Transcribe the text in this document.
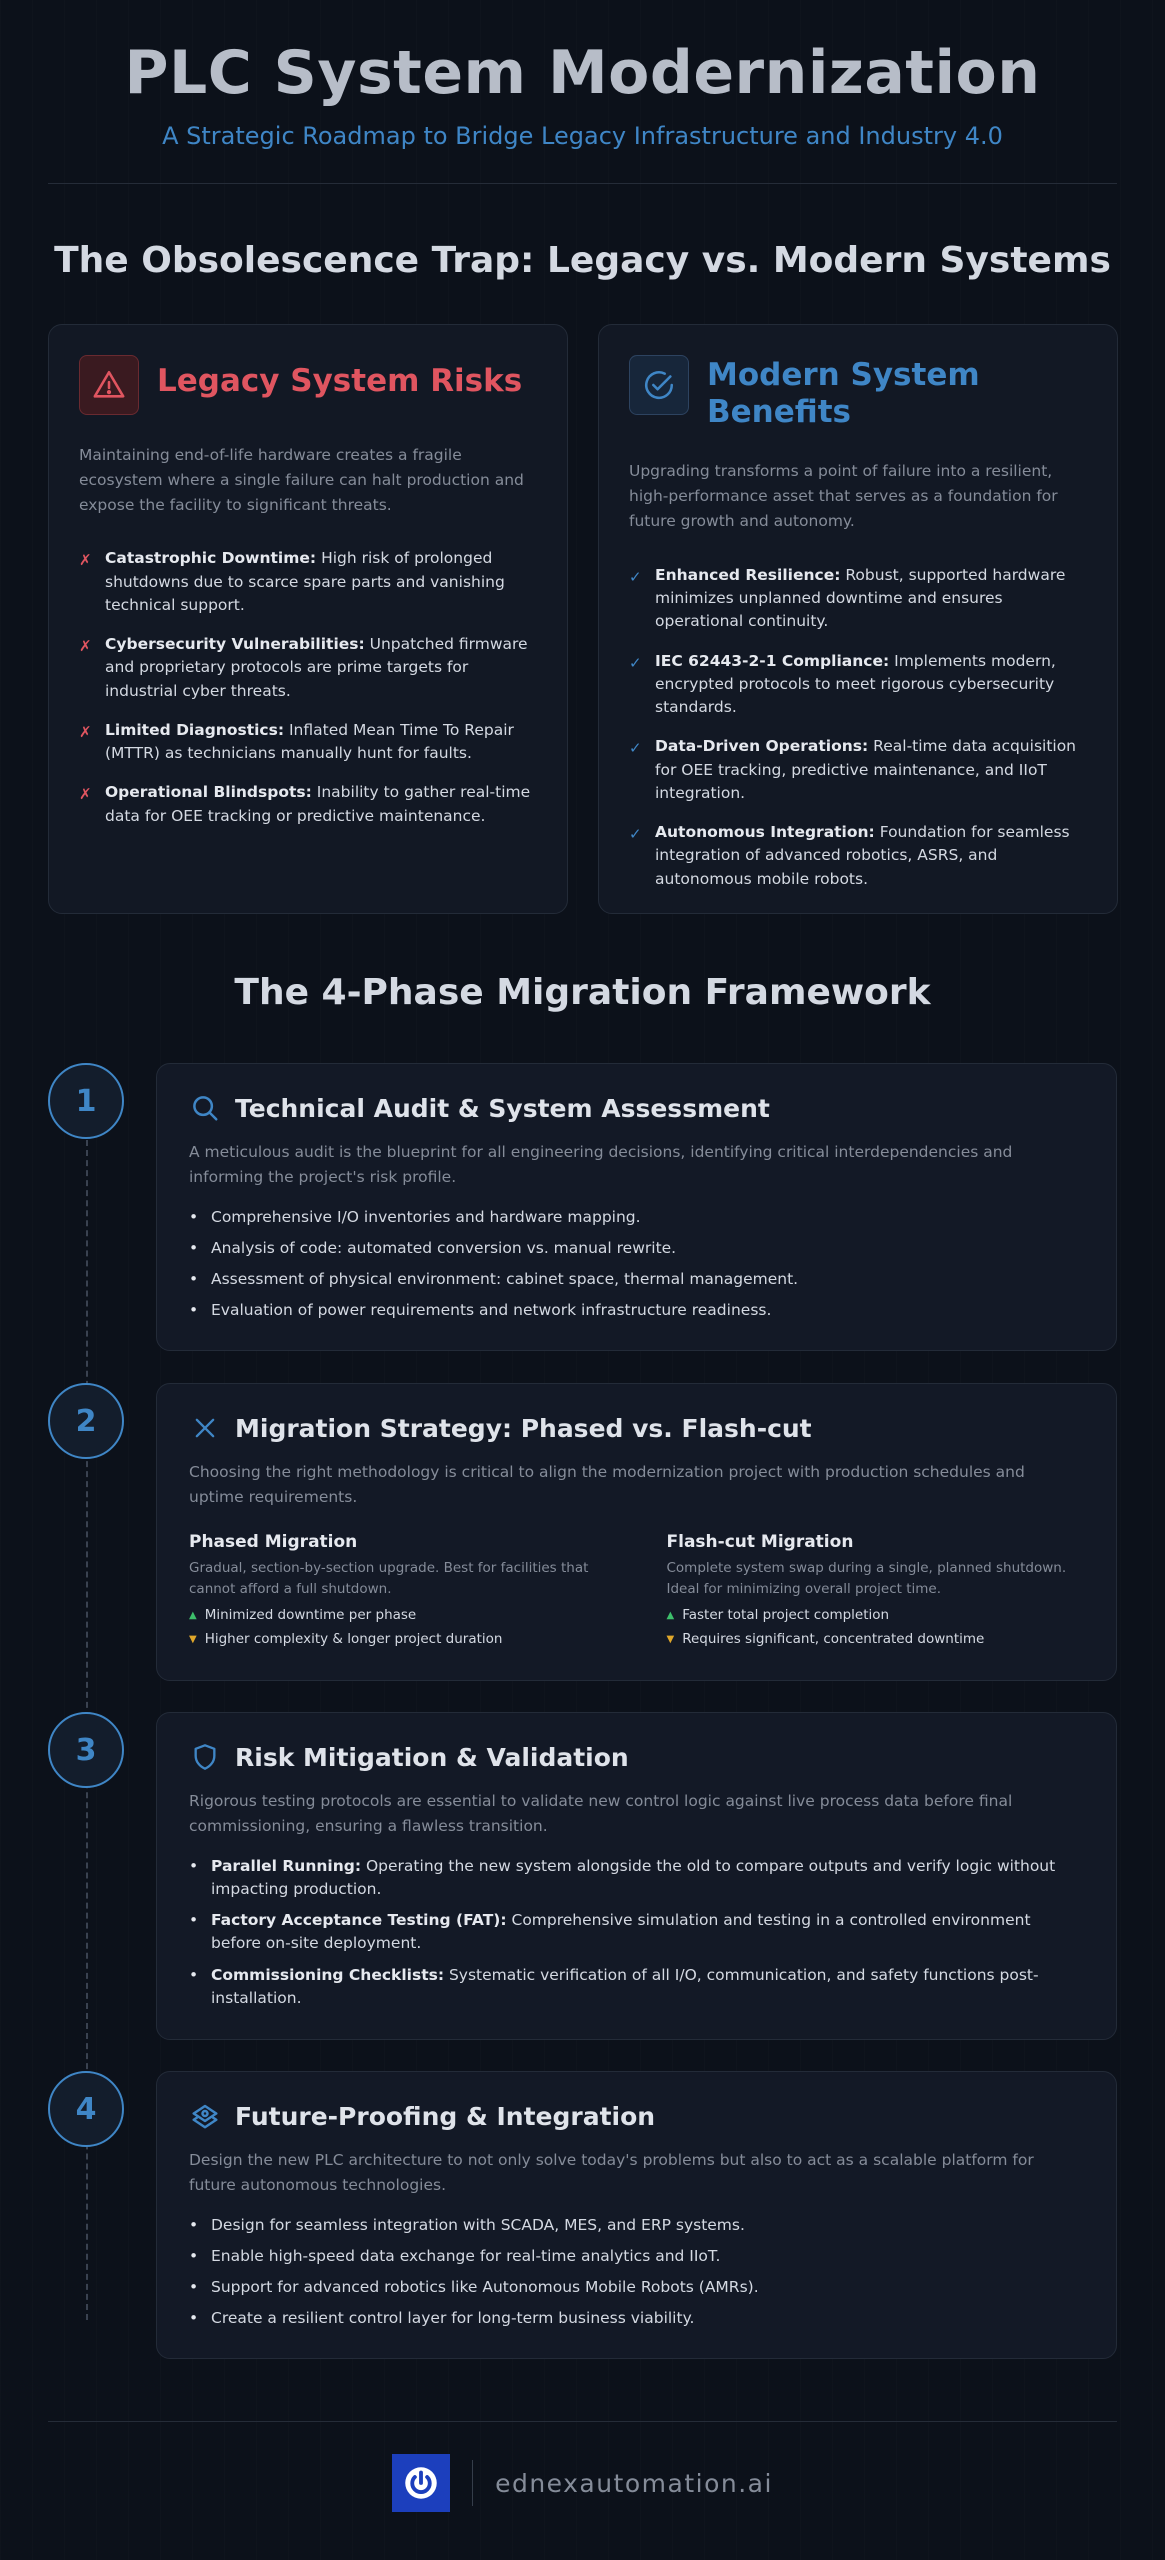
PLC System Modernization
A Strategic Roadmap to Bridge Legacy Infrastructure and Industry 4.0
The Obsolescence Trap: Legacy vs. Modern Systems
Legacy System Risks

Maintaining end-of-life hardware creates a fragile ecosystem where a single failure can halt production and expose the facility to significant threats.

✗ Catastrophic Downtime: High risk of prolonged shutdowns due to scarce spare parts and vanishing technical support.
✗ Cybersecurity Vulnerabilities: Unpatched firmware and proprietary protocols are prime targets for industrial cyber threats.
✗ Limited Diagnostics: Inflated Mean Time To Repair (MTTR) as technicians manually hunt for faults.
✗ Operational Blindspots: Inability to gather real-time data for OEE tracking or predictive maintenance.
Modern System Benefits

Upgrading transforms a point of failure into a resilient, high-performance asset that serves as a foundation for future growth and autonomy.

✓ Enhanced Resilience: Robust, supported hardware minimizes unplanned downtime and ensures operational continuity.
✓ IEC 62443-2-1 Compliance: Implements modern, encrypted protocols to meet rigorous cybersecurity standards.
✓ Data-Driven Operations: Real-time data acquisition for OEE tracking, predictive maintenance, and IIoT integration.
✓ Autonomous Integration: Foundation for seamless integration of advanced robotics, ASRS, and autonomous mobile robots.
The 4-Phase Migration Framework
1
2
3
4
Technical Audit & System Assessment

A meticulous audit is the blueprint for all engineering decisions, identifying critical interdependencies and informing the project's risk profile.

• Comprehensive I/O inventories and hardware mapping.
• Analysis of code: automated conversion vs. manual rewrite.
• Assessment of physical environment: cabinet space, thermal management.
• Evaluation of power requirements and network infrastructure readiness.
Migration Strategy: Phased vs. Flash-cut

Choosing the right methodology is critical to align the modernization project with production schedules and uptime requirements.

Phased Migration
Gradual, section-by-section upgrade. Best for facilities that cannot afford a full shutdown.
▲ Minimized downtime per phase
▼ Higher complexity & longer project duration
Flash-cut Migration
Complete system swap during a single, planned shutdown. Ideal for minimizing overall project time.
▲ Faster total project completion
▼ Requires significant, concentrated downtime
Risk Mitigation & Validation

Rigorous testing protocols are essential to validate new control logic against live process data before final commissioning, ensuring a flawless transition.

• Parallel Running: Operating the new system alongside the old to compare outputs and verify logic without impacting production.
• Factory Acceptance Testing (FAT): Comprehensive simulation and testing in a controlled environment before on-site deployment.
• Commissioning Checklists: Systematic verification of all I/O, communication, and safety functions post-installation.
Future-Proofing & Integration

Design the new PLC architecture to not only solve today's problems but also to act as a scalable platform for future autonomous technologies.

• Design for seamless integration with SCADA, MES, and ERP systems.
• Enable high-speed data exchange for real-time analytics and IIoT.
• Support for advanced robotics like Autonomous Mobile Robots (AMRs).
• Create a resilient control layer for long-term business viability.
ednexautomation.ai
